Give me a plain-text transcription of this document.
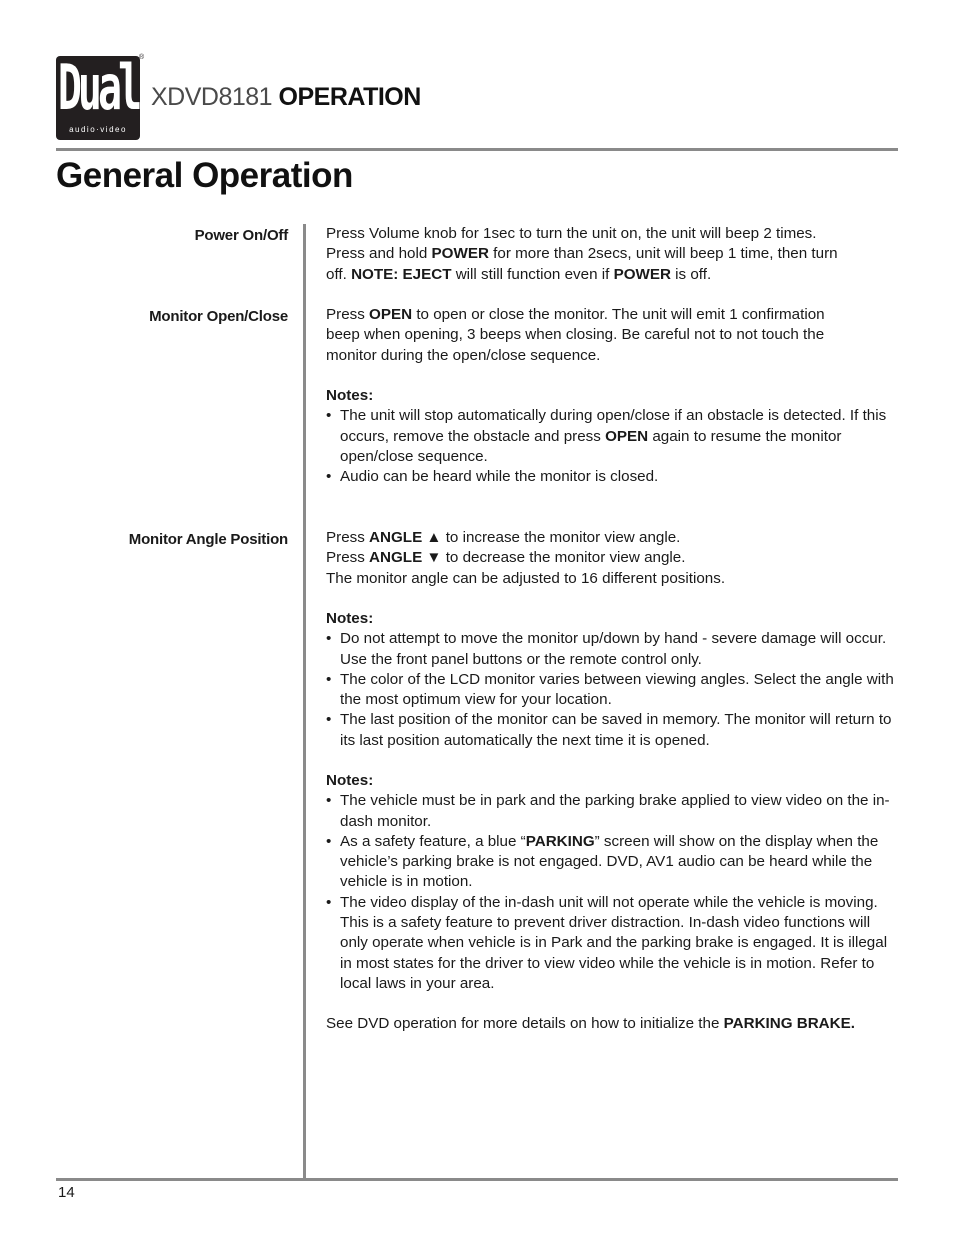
Dual
audio·video
®
XDVD8181 OPERATION
General Operation
Power On/Off	Press Volume knob for 1sec to turn the unit on, the unit will beep 2 times.

Press and hold POWER for more than 2secs, unit will beep 1 time, then turn

off. NOTE: EJECT will still function even if POWER is off.

Monitor Open/Close	Press OPEN to open or close the monitor. The unit will emit 1 confirmation

beep when opening, 3 beeps when closing. Be careful not to not touch the

monitor during the open/close sequence.

Notes:

• The unit will stop automatically during open/close if an obstacle is detected. If this occurs, remove the obstacle and press OPEN again to resume the monitor open/close sequence.
• Audio can be heard while the monitor is closed.
Monitor Angle Position	Press ANGLE ▲ to increase the monitor view angle.

Press ANGLE ▼ to decrease the monitor view angle.

The monitor angle can be adjusted to 16 different positions.

Notes:

• Do not attempt to move the monitor up/down by hand - severe damage will occur. Use the front panel buttons or the remote control only.
• The color of the LCD monitor varies between viewing angles. Select the angle with the most optimum view for your location.
• The last position of the monitor can be saved in memory. The monitor will return to its last position automatically the next time it is opened.

Notes:

• The vehicle must be in park and the parking brake applied to view video on the in-dash monitor.
• As a safety feature, a blue “PARKING” screen will show on the display when the vehicle’s parking brake is not engaged. DVD, AV1 audio can be heard while the vehicle is in motion.
• The video display of the in-dash unit will not operate while the vehicle is moving. This is a safety feature to prevent driver distraction. In-dash video functions will only operate when vehicle is in Park and the parking brake is engaged. It is illegal in most states for the driver to view video while the vehicle is in motion. Refer to local laws in your area.

See DVD operation for more details on how to initialize the PARKING BRAKE.

14
